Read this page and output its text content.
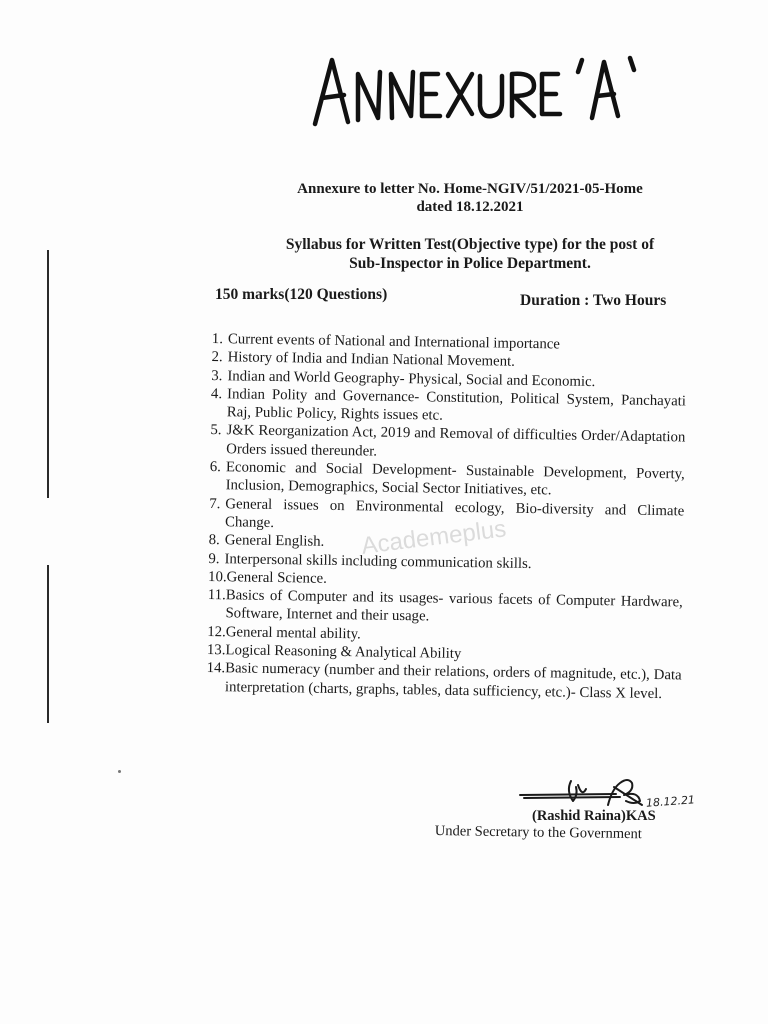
Annexure to letter No. Home-NGIV/51/2021-05-Home
dated 18.12.2021
Syllabus for Written Test(Objective type) for the post of
Sub-Inspector in Police Department.
150 marks(120 Questions)	Duration : Two Hours
1. Current events of National and International importance
2. History of India and Indian National Movement.
3. Indian and World Geography- Physical, Social and Economic.
4. Indian Polity and Governance- Constitution, Political System, Panchayati Raj, Public Policy, Rights issues etc.
5. J&K Reorganization Act, 2019 and Removal of difficulties Order/Adaptation Orders issued thereunder.
6. Economic and Social Development- Sustainable Development, Poverty, Inclusion, Demographics, Social Sector Initiatives, etc.
7. General issues on Environmental ecology, Bio-diversity and Climate Change.
8. General English.
9. Interpersonal skills including communication skills.
10. General Science.
11. Basics of Computer and its usages- various facets of Computer Hardware, Software, Internet and their usage.
12. General mental ability.
13. Logical Reasoning & Analytical Ability
14. Basic numeracy (number and their relations, orders of magnitude, etc.), Data interpretation (charts, graphs, tables, data sufficiency, etc.)- Class X level.
Academeplus
18.12.21
(Rashid Raina)KAS
Under Secretary to the Government
